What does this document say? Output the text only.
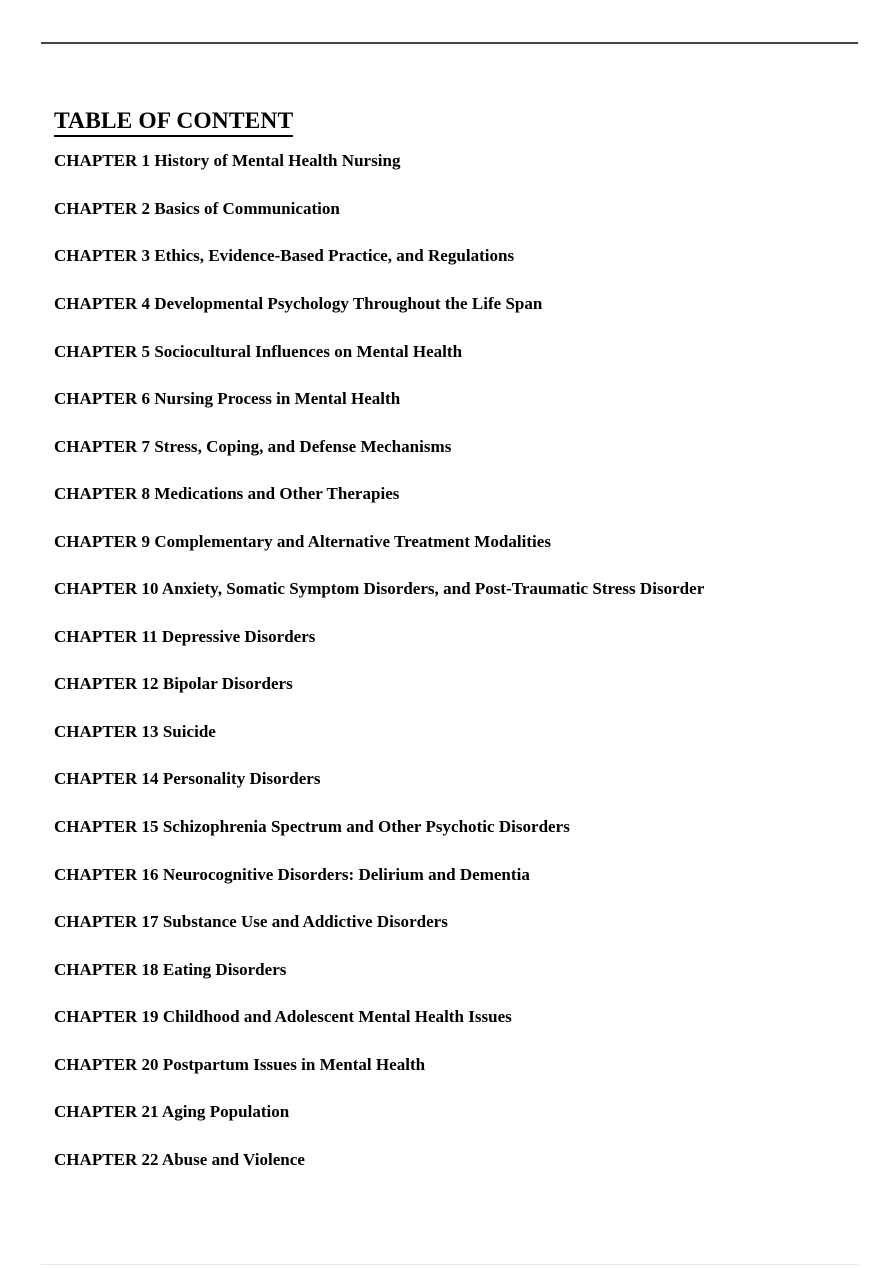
TABLE OF CONTENT
CHAPTER 1 History of Mental Health Nursing
CHAPTER 2 Basics of Communication
CHAPTER 3 Ethics, Evidence-Based Practice, and Regulations
CHAPTER 4 Developmental Psychology Throughout the Life Span
CHAPTER 5 Sociocultural Influences on Mental Health
CHAPTER 6 Nursing Process in Mental Health
CHAPTER 7 Stress, Coping, and Defense Mechanisms
CHAPTER 8 Medications and Other Therapies
CHAPTER 9 Complementary and Alternative Treatment Modalities
CHAPTER 10 Anxiety, Somatic Symptom Disorders, and Post-Traumatic Stress Disorder
CHAPTER 11 Depressive Disorders
CHAPTER 12 Bipolar Disorders
CHAPTER 13 Suicide
CHAPTER 14 Personality Disorders
CHAPTER 15 Schizophrenia Spectrum and Other Psychotic Disorders
CHAPTER 16 Neurocognitive Disorders: Delirium and Dementia
CHAPTER 17 Substance Use and Addictive Disorders
CHAPTER 18 Eating Disorders
CHAPTER 19 Childhood and Adolescent Mental Health Issues
CHAPTER 20 Postpartum Issues in Mental Health
CHAPTER 21 Aging Population
CHAPTER 22 Abuse and Violence
